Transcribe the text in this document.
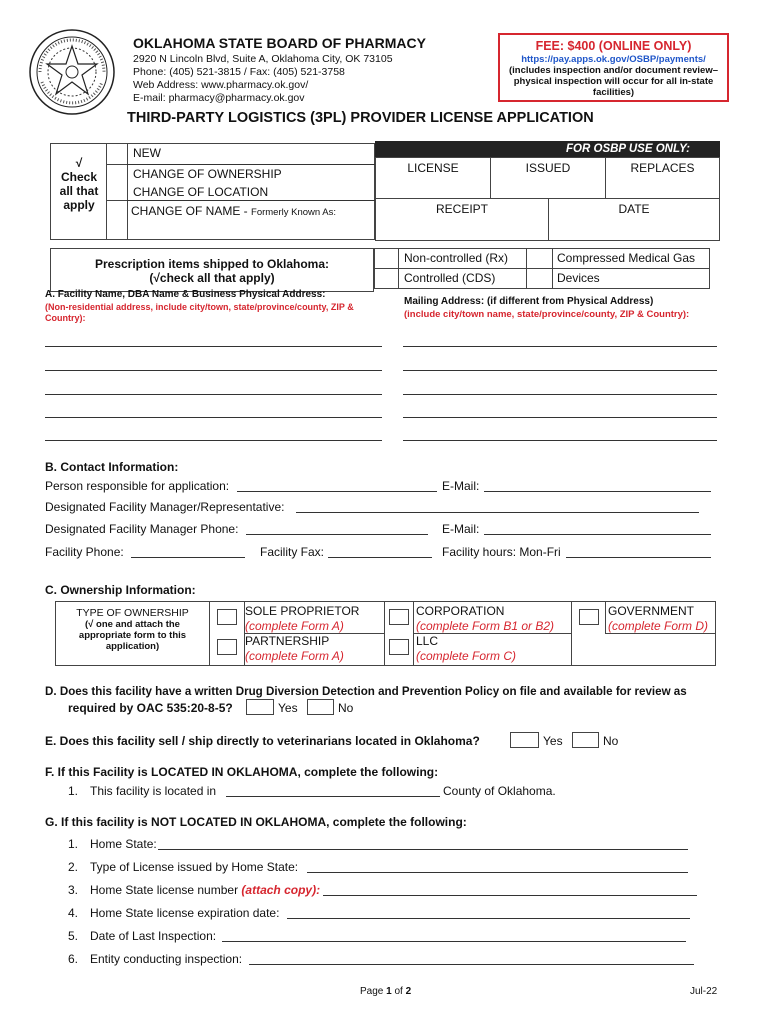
OKLAHOMA STATE BOARD OF PHARMACY
2920 N Lincoln Blvd, Suite A, Oklahoma City, OK 73105
Phone: (405) 521-3815 / Fax: (405) 521-3758
Web Address: www.pharmacy.ok.gov/
E-mail: pharmacy@pharmacy.ok.gov
FEE: $400 (ONLINE ONLY)
https://pay.apps.ok.gov/OSBP/payments/
(includes inspection and/or document review–
physical inspection will occur for all in-state
facilities)
THIRD-PARTY LOGISTICS (3PL) PROVIDER LICENSE APPLICATION
√
Check
all that
apply
NEW
CHANGE OF OWNERSHIP
CHANGE OF LOCATION
CHANGE OF NAME - Formerly Known As:
FOR OSBP USE ONLY:
LICENSE	ISSUED	REPLACES
RECEIPT	DATE
Prescription items shipped to Oklahoma:
(√check all that apply)
Non-controlled (Rx)	Compressed Medical Gas
Controlled (CDS)	Devices
A. Facility Name, DBA Name & Business Physical Address:
(Non-residential address, include city/town, state/province/county, ZIP &
Country):
Mailing Address: (if different from Physical Address)
(include city/town name, state/province/county, ZIP & Country):
B. Contact Information:
Person responsible for application:	E-Mail:
Designated Facility Manager/Representative:
Designated Facility Manager Phone:	E-Mail:
Facility Phone:	Facility Fax:	Facility hours: Mon-Fri
C. Ownership Information:
TYPE OF OWNERSHIP
(√ one and attach the
appropriate form to this
application)
SOLE PROPRIETOR
(complete Form A)
PARTNERSHIP
(complete Form A)
CORPORATION
(complete Form B1 or B2)
LLC
(complete Form C)
GOVERNMENT
(complete Form D)
D. Does this facility have a written Drug Diversion Detection and Prevention Policy on file and available for review as
required by OAC 535:20-8-5?	Yes	No
E. Does this facility sell / ship directly to veterinarians located in Oklahoma?	Yes	No
F. If this Facility is LOCATED IN OKLAHOMA, complete the following:
1. This facility is located in	County of Oklahoma.
G. If this facility is NOT LOCATED IN OKLAHOMA, complete the following:
1. Home State:
2. Type of License issued by Home State:
3. Home State license number (attach copy):
4. Home State license expiration date:
5. Date of Last Inspection:
6. Entity conducting inspection:
Page 1 of 2	Jul-22
